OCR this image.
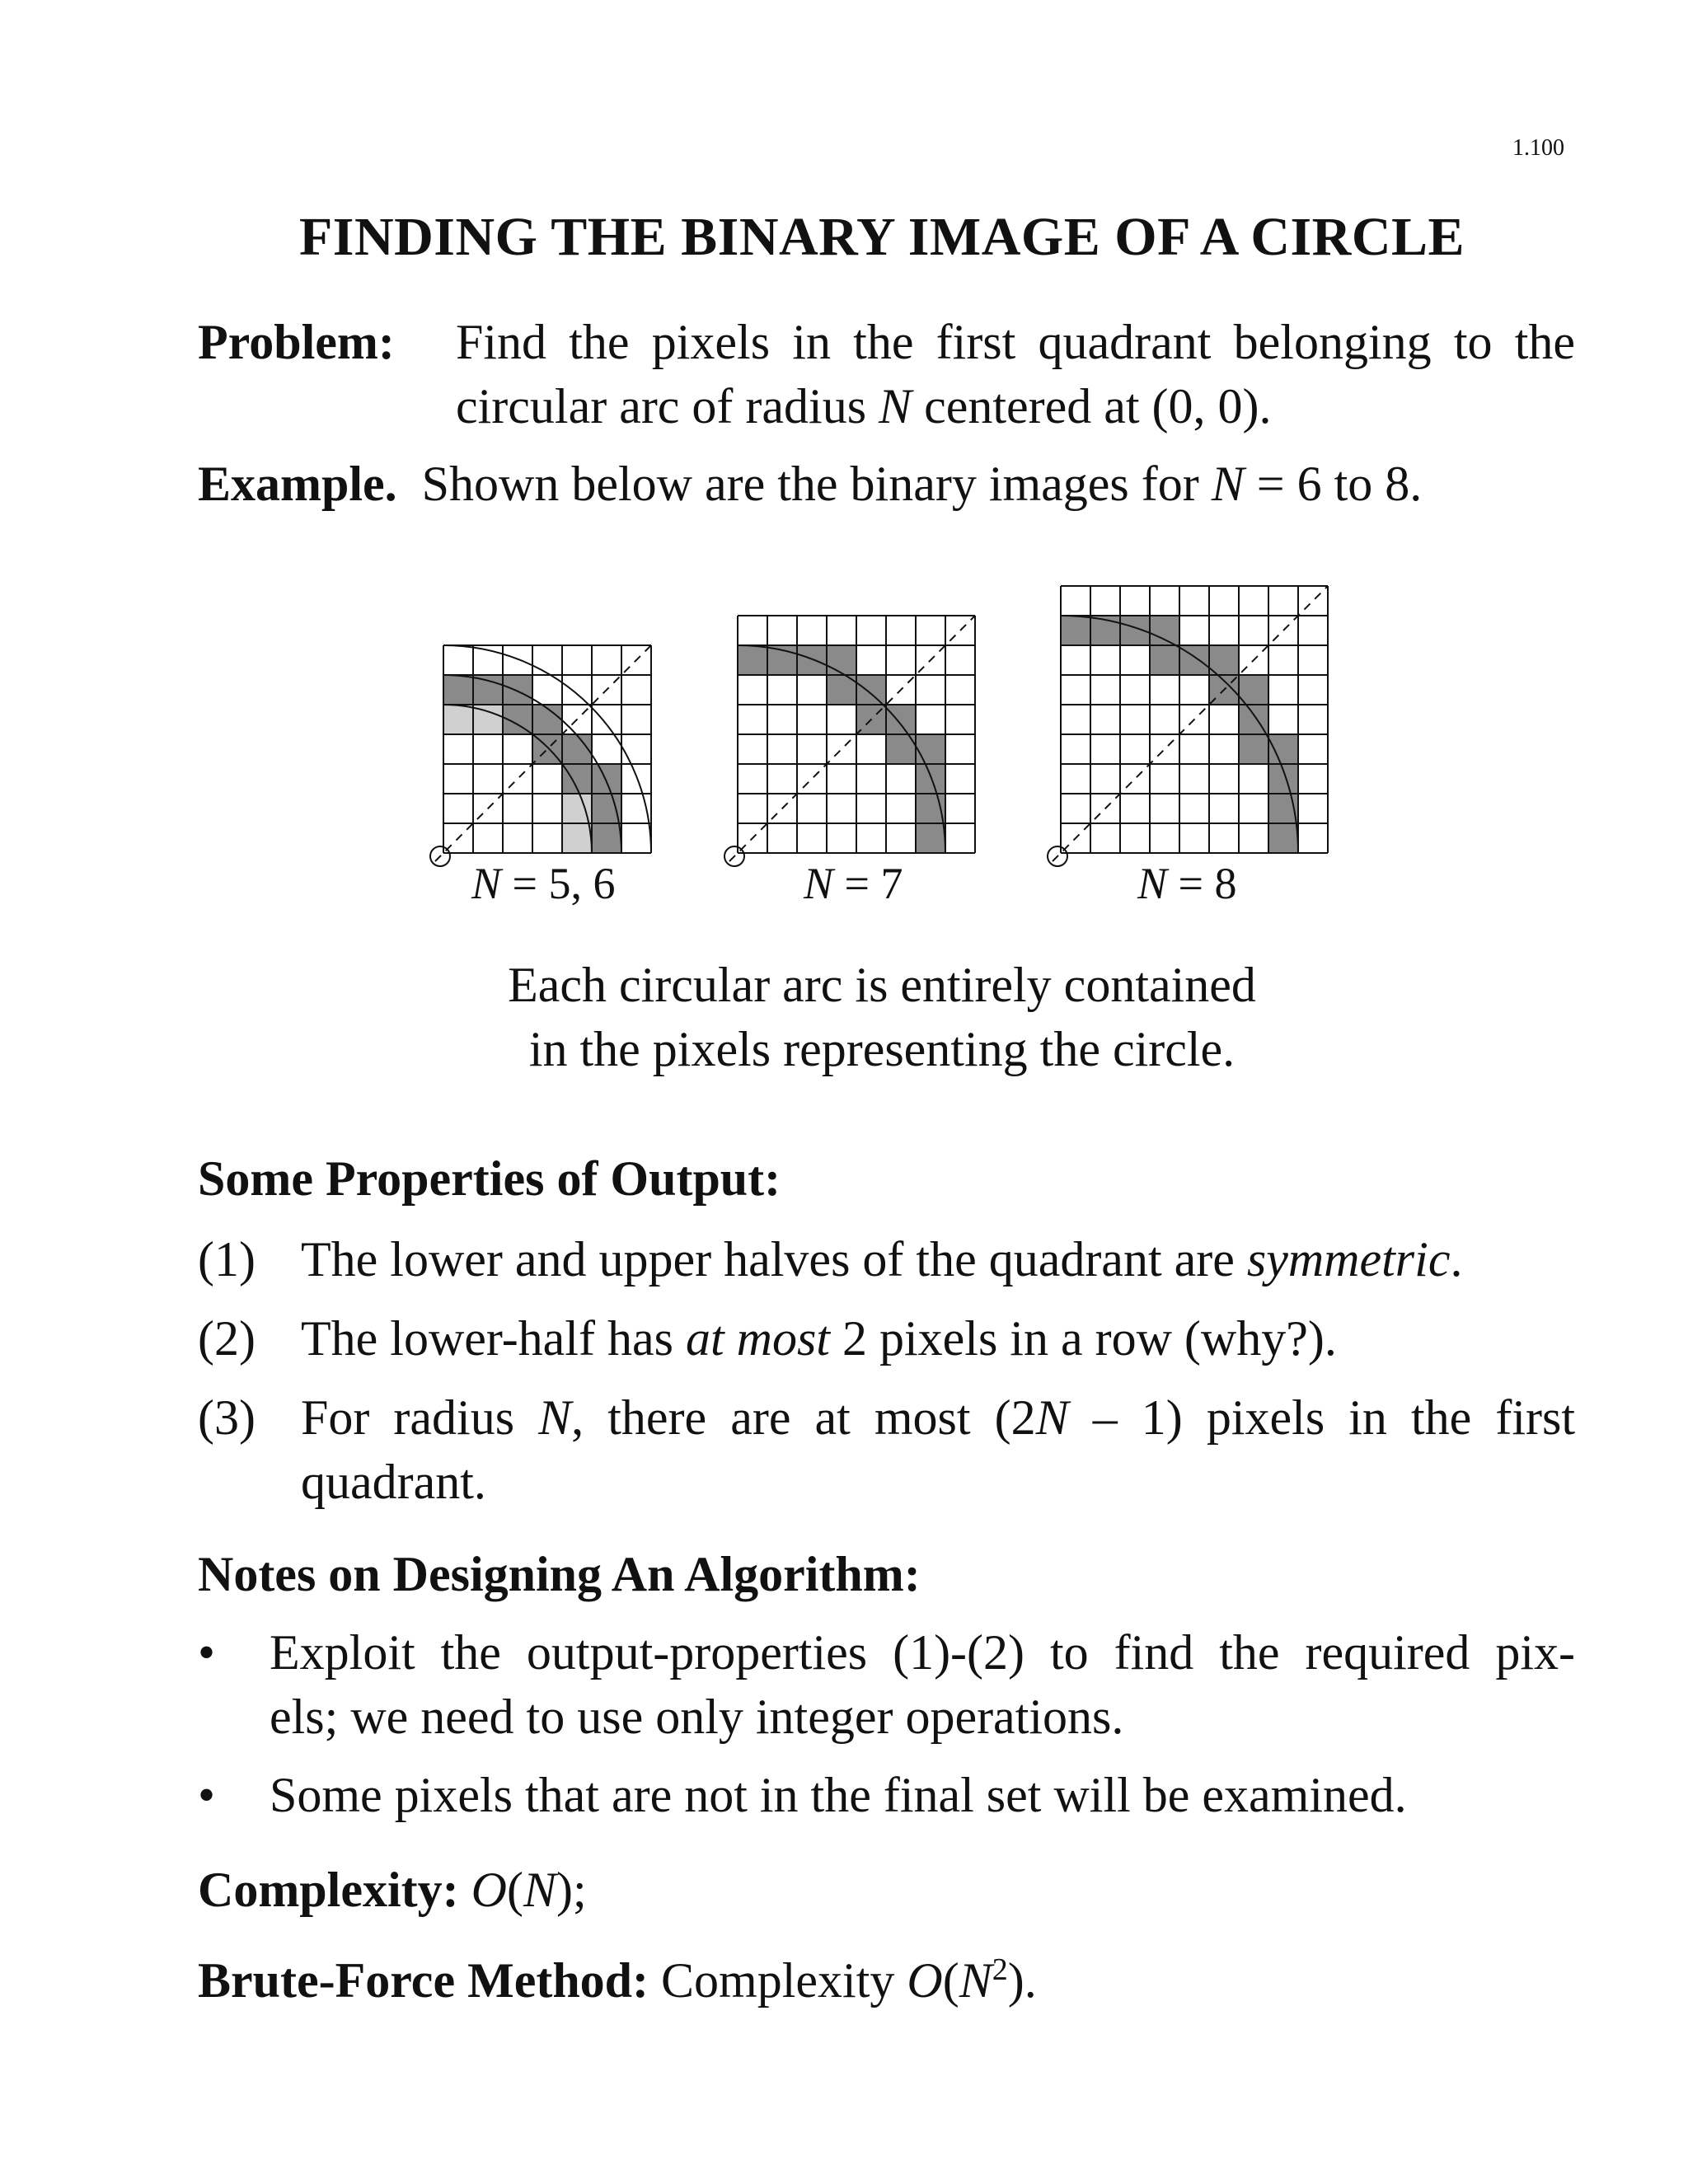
1.100
FINDING THE BINARY IMAGE OF A CIRCLE
Problem: Find the pixels in the first quadrant belonging to the
circular arc of radius N centered at (0, 0).
Example. Shown below are the binary images for N = 6 to 8.
N = 5, 6	N = 7	N = 8
Each circular arc is entirely contained
in the pixels representing the circle.
Some Properties of Output:
(1) The lower and upper halves of the quadrant are symmetric.
(2) The lower-half has at most 2 pixels in a row (why?).
(3) For radius N, there are at most (2N – 1) pixels in the first
quadrant.
Notes on Designing An Algorithm:
• Exploit the output-properties (1)-(2) to find the required pix-
els; we need to use only integer operations.
• Some pixels that are not in the final set will be examined.
Complexity: O(N);
Brute-Force Method: Complexity $O(N^2)$.
